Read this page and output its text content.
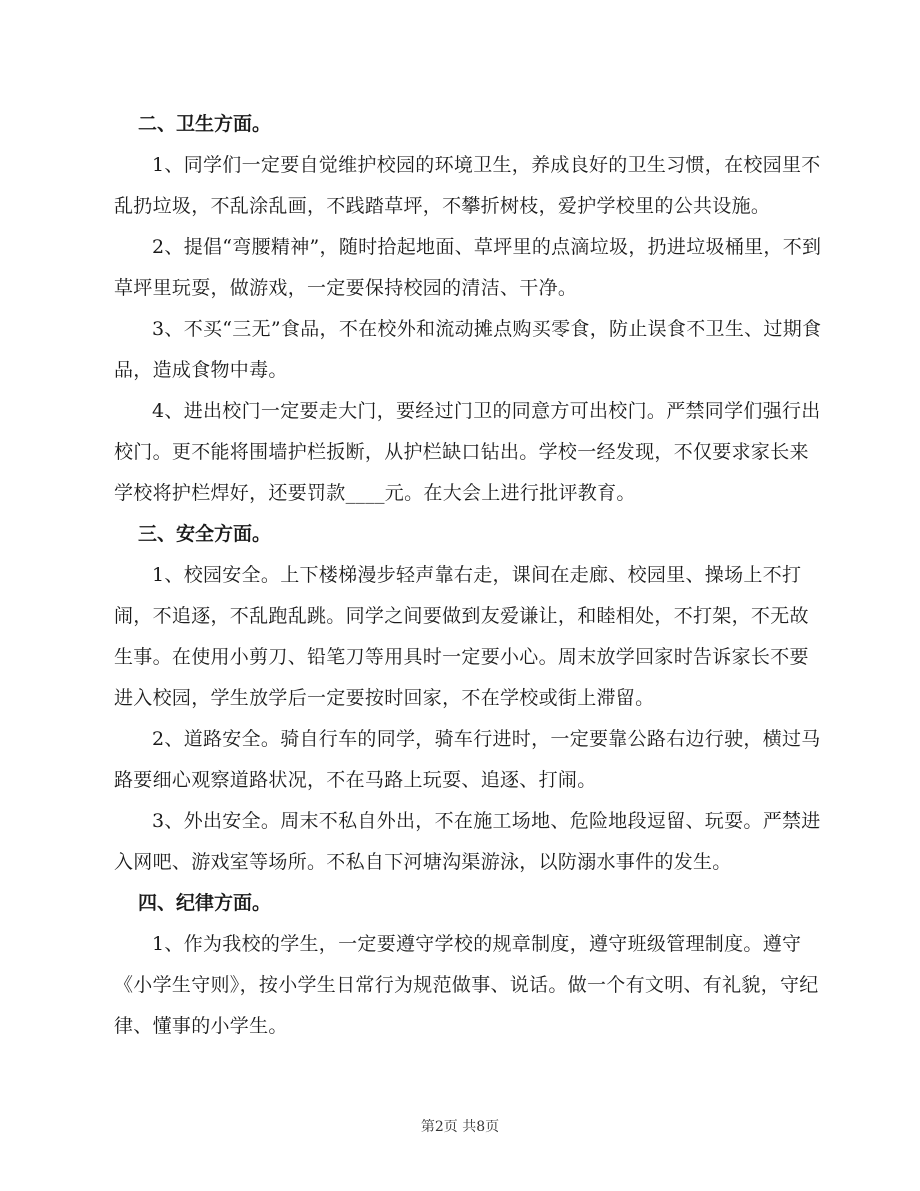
二、卫生方面。

1、同学们一定要自觉维护校园的环境卫生，养成良好的卫生习惯，在校园里不乱扔垃圾，不乱涂乱画，不践踏草坪，不攀折树枝，爱护学校里的公共设施。

2、提倡“弯腰精神”，随时拾起地面、草坪里的点滴垃圾，扔进垃圾桶里，不到草坪里玩耍，做游戏，一定要保持校园的清洁、干净。

3、不买“三无”食品，不在校外和流动摊点购买零食，防止误食不卫生、过期食品，造成食物中毒。

4、进出校门一定要走大门，要经过门卫的同意方可出校门。严禁同学们强行出校门。更不能将围墙护栏扳断，从护栏缺口钻出。学校一经发现，不仅要求家长来学校将护栏焊好，还要罚款____元。在大会上进行批评教育。

三、安全方面。

1、校园安全。上下楼梯漫步轻声靠右走，课间在走廊、校园里、操场上不打闹，不追逐，不乱跑乱跳。同学之间要做到友爱谦让，和睦相处，不打架，不无故生事。在使用小剪刀、铅笔刀等用具时一定要小心。周末放学回家时告诉家长不要进入校园，学生放学后一定要按时回家，不在学校或街上滞留。

2、道路安全。骑自行车的同学，骑车行进时，一定要靠公路右边行驶，横过马路要细心观察道路状况，不在马路上玩耍、追逐、打闹。

3、外出安全。周末不私自外出，不在施工场地、危险地段逗留、玩耍。严禁进入网吧、游戏室等场所。不私自下河塘沟渠游泳，以防溺水事件的发生。

四、纪律方面。

1、作为我校的学生，一定要遵守学校的规章制度，遵守班级管理制度。遵守《小学生守则》，按小学生日常行为规范做事、说话。做一个有文明、有礼貌，守纪律、懂事的小学生。

第2页 共8页
